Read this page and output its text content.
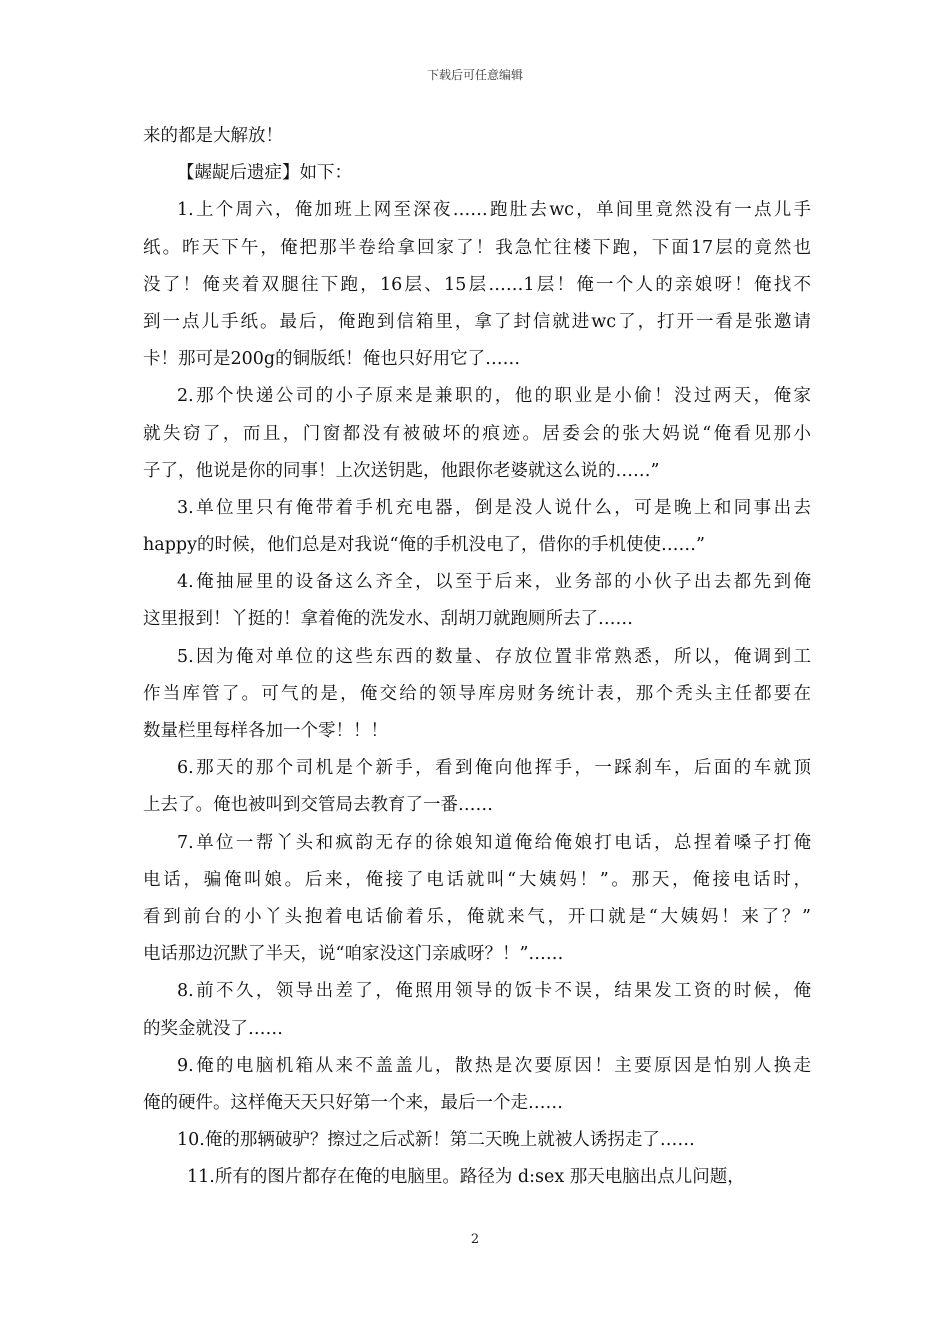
下载后可任意编辑
来的都是大解放！
【龌龊后遗症】如下：
1.上个周六，俺加班上网至深夜……跑肚去wc，单间里竟然没有一点儿手
纸。昨天下午，俺把那半卷给拿回家了！我急忙往楼下跑，下面17层的竟然也
没了！俺夹着双腿往下跑，16层、15层……1层！俺一个人的亲娘呀！俺找不
到一点儿手纸。最后，俺跑到信箱里，拿了封信就进wc了，打开一看是张邀请
卡！那可是200g的铜版纸！俺也只好用它了……
2.那个快递公司的小子原来是兼职的，他的职业是小偷！没过两天，俺家
就失窃了，而且，门窗都没有被破坏的痕迹。居委会的张大妈说“俺看见那小
子了，他说是你的同事！上次送钥匙，他跟你老婆就这么说的……”
3.单位里只有俺带着手机充电器，倒是没人说什么，可是晚上和同事出去
happy的时候，他们总是对我说“俺的手机没电了，借你的手机使使……”
4.俺抽屉里的设备这么齐全，以至于后来，业务部的小伙子出去都先到俺
这里报到！丫挺的！拿着俺的洗发水、刮胡刀就跑厕所去了……
5.因为俺对单位的这些东西的数量、存放位置非常熟悉，所以，俺调到工
作当库管了。可气的是，俺交给的领导库房财务统计表，那个秃头主任都要在
数量栏里每样各加一个零！！！
6.那天的那个司机是个新手，看到俺向他挥手，一踩刹车，后面的车就顶
上去了。俺也被叫到交管局去教育了一番……
7.单位一帮丫头和疯韵无存的徐娘知道俺给俺娘打电话，总捏着嗓子打俺
电话，骗俺叫娘。后来，俺接了电话就叫“大姨妈！”。那天，俺接电话时，
看到前台的小丫头抱着电话偷着乐，俺就来气，开口就是“大姨妈！来了？”
电话那边沉默了半天，说“咱家没这门亲戚呀？！”……
8.前不久，领导出差了，俺照用领导的饭卡不误，结果发工资的时候，俺
的奖金就没了……
9.俺的电脑机箱从来不盖盖儿，散热是次要原因！主要原因是怕别人换走
俺的硬件。这样俺天天只好第一个来，最后一个走……
10.俺的那辆破驴？擦过之后忒新！第二天晚上就被人诱拐走了……
11.所有的图片都存在俺的电脑里。路径为 d:sex 那天电脑出点儿问题，
2
